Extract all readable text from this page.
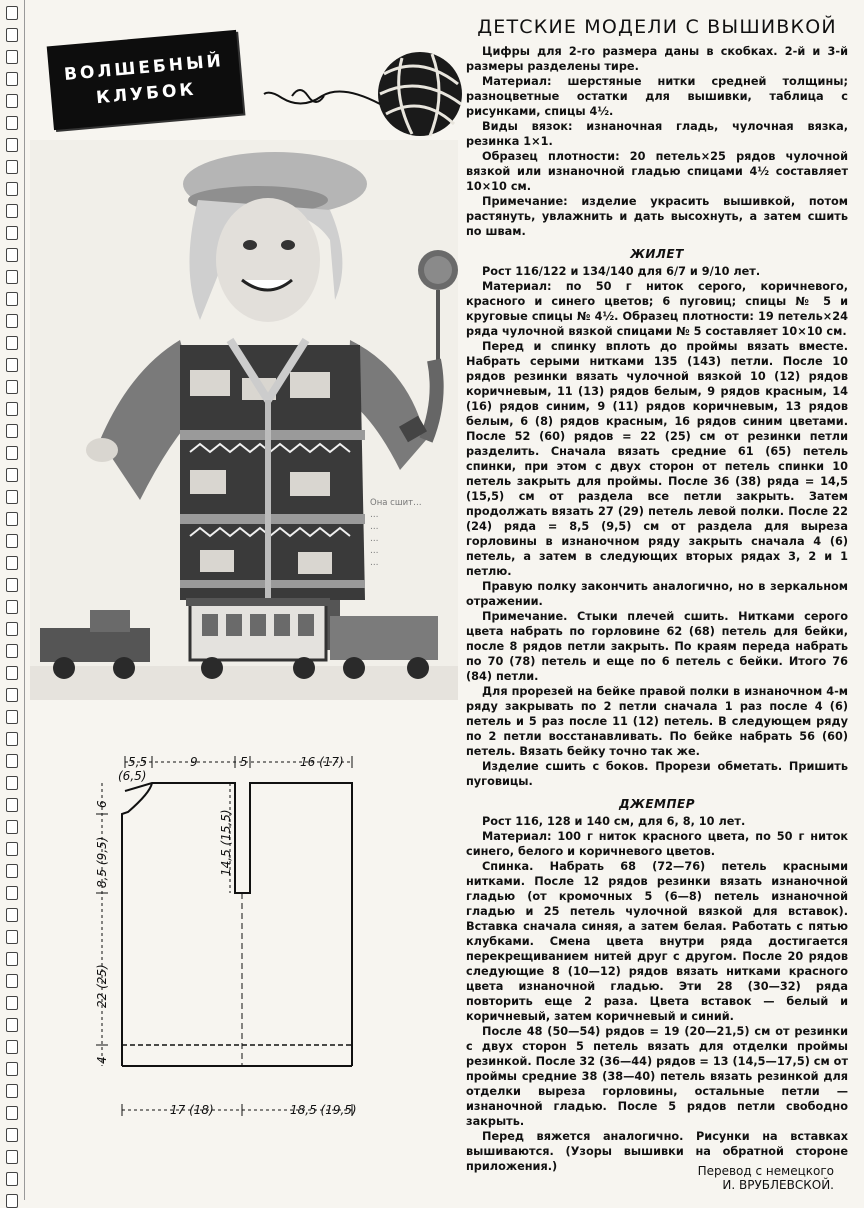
ВОЛШЕБНЫЙ
КЛУБОК
Она сшит…
…
…
…
…
…
5,5	9	5	16 (17)
(6,5)
6
8,5 (9,5)
22 (25)
4
14,5 (15,5)
17 (18)	18,5 (19,5)
ДЕТСКИЕ МОДЕЛИ С ВЫШИВКОЙ

Цифры для 2-го размера даны в скобках. 2-й и 3-й размеры разделены тире.

Материал: шерстяные нитки средней толщины; разноцветные остатки для вышивки, таблица с рисунками, спицы 4½.

Виды вязок: изнаночная гладь, чулочная вязка, резинка 1×1.

Образец плотности: 20 петель×25 рядов чулочной вязкой или изнаночной гладью спицами 4½ составляет 10×10 см.

Примечание: изделие украсить вышивкой, потом растянуть, увлажнить и дать высохнуть, а затем сшить по швам.

ЖИЛЕТ

Рост 116/122 и 134/140 для 6/7 и 9/10 лет.

Материал: по 50 г ниток серого, коричневого, красного и синего цветов; 6 пуговиц; спицы № 5 и круговые спицы № 4½. Образец плотности: 19 петель×24 ряда чулочной вязкой спицами № 5 составляет 10×10 см.

Перед и спинку вплоть до проймы вязать вместе. Набрать серыми нитками 135 (143) петли. После 10 рядов резинки вязать чулочной вязкой 10 (12) рядов коричневым, 11 (13) рядов белым, 9 рядов красным, 14 (16) рядов синим, 9 (11) рядов коричневым, 13 рядов белым, 6 (8) рядов красным, 16 рядов синим цветами. После 52 (60) рядов = 22 (25) см от резинки петли разделить. Сначала вязать средние 61 (65) петель спинки, при этом с двух сторон от петель спинки 10 петель закрыть для проймы. После 36 (38) ряда = 14,5 (15,5) см от раздела все петли закрыть. Затем продолжать вязать 27 (29) петель левой полки. После 22 (24) ряда = 8,5 (9,5) см от раздела для выреза горловины в изнаночном ряду закрыть сначала 4 (6) петель, а затем в следующих вторых рядах 3, 2 и 1 петлю.

Правую полку закончить аналогично, но в зеркальном отражении.

Примечание. Стыки плечей сшить. Нитками серого цвета набрать по горловине 62 (68) петель для бейки, после 8 рядов петли закрыть. По краям переда набрать по 70 (78) петель и еще по 6 петель с бейки. Итого 76 (84) петли.

Для прорезей на бейке правой полки в изнаночном 4-м ряду закрывать по 2 петли сначала 1 раз после 4 (6) петель и 5 раз после 11 (12) петель. В следующем ряду по 2 петли восстанавливать. По бейке набрать 56 (60) петель. Вязать бейку точно так же.

Изделие сшить с боков. Прорези обметать. Пришить пуговицы.

ДЖЕМПЕР

Рост 116, 128 и 140 см, для 6, 8, 10 лет.

Материал: 100 г ниток красного цвета, по 50 г ниток синего, белого и коричневого цветов.

Спинка. Набрать 68 (72—76) петель красными нитками. После 12 рядов резинки вязать изнаночной гладью (от кромочных 5 (6—8) петель изнаночной гладью и 25 петель чулочной вязкой для вставок). Вставка сначала синяя, а затем белая. Работать с пятью клубками. Смена цвета внутри ряда достигается перекрещиванием нитей друг с другом. После 20 рядов следующие 8 (10—12) рядов вязать нитками красного цвета изнаночной гладью. Эти 28 (30—32) ряда повторить еще 2 раза. Цвета вставок — белый и коричневый, затем коричневый и синий.

После 48 (50—54) рядов = 19 (20—21,5) см от резинки с двух сторон 5 петель вязать для отделки проймы резинкой. После 32 (36—44) рядов = 13 (14,5—17,5) см от проймы средние 38 (38—40) петель вязать резинкой для отделки выреза горловины, остальные петли — изнаночной гладью. После 5 рядов петли свободно закрыть.

Перед вяжется аналогично. Рисунки на вставках вышиваются. (Узоры вышивки на обратной стороне приложения.)	Перевод с немецкого
И. ВРУБЛЕВСКОЙ.
